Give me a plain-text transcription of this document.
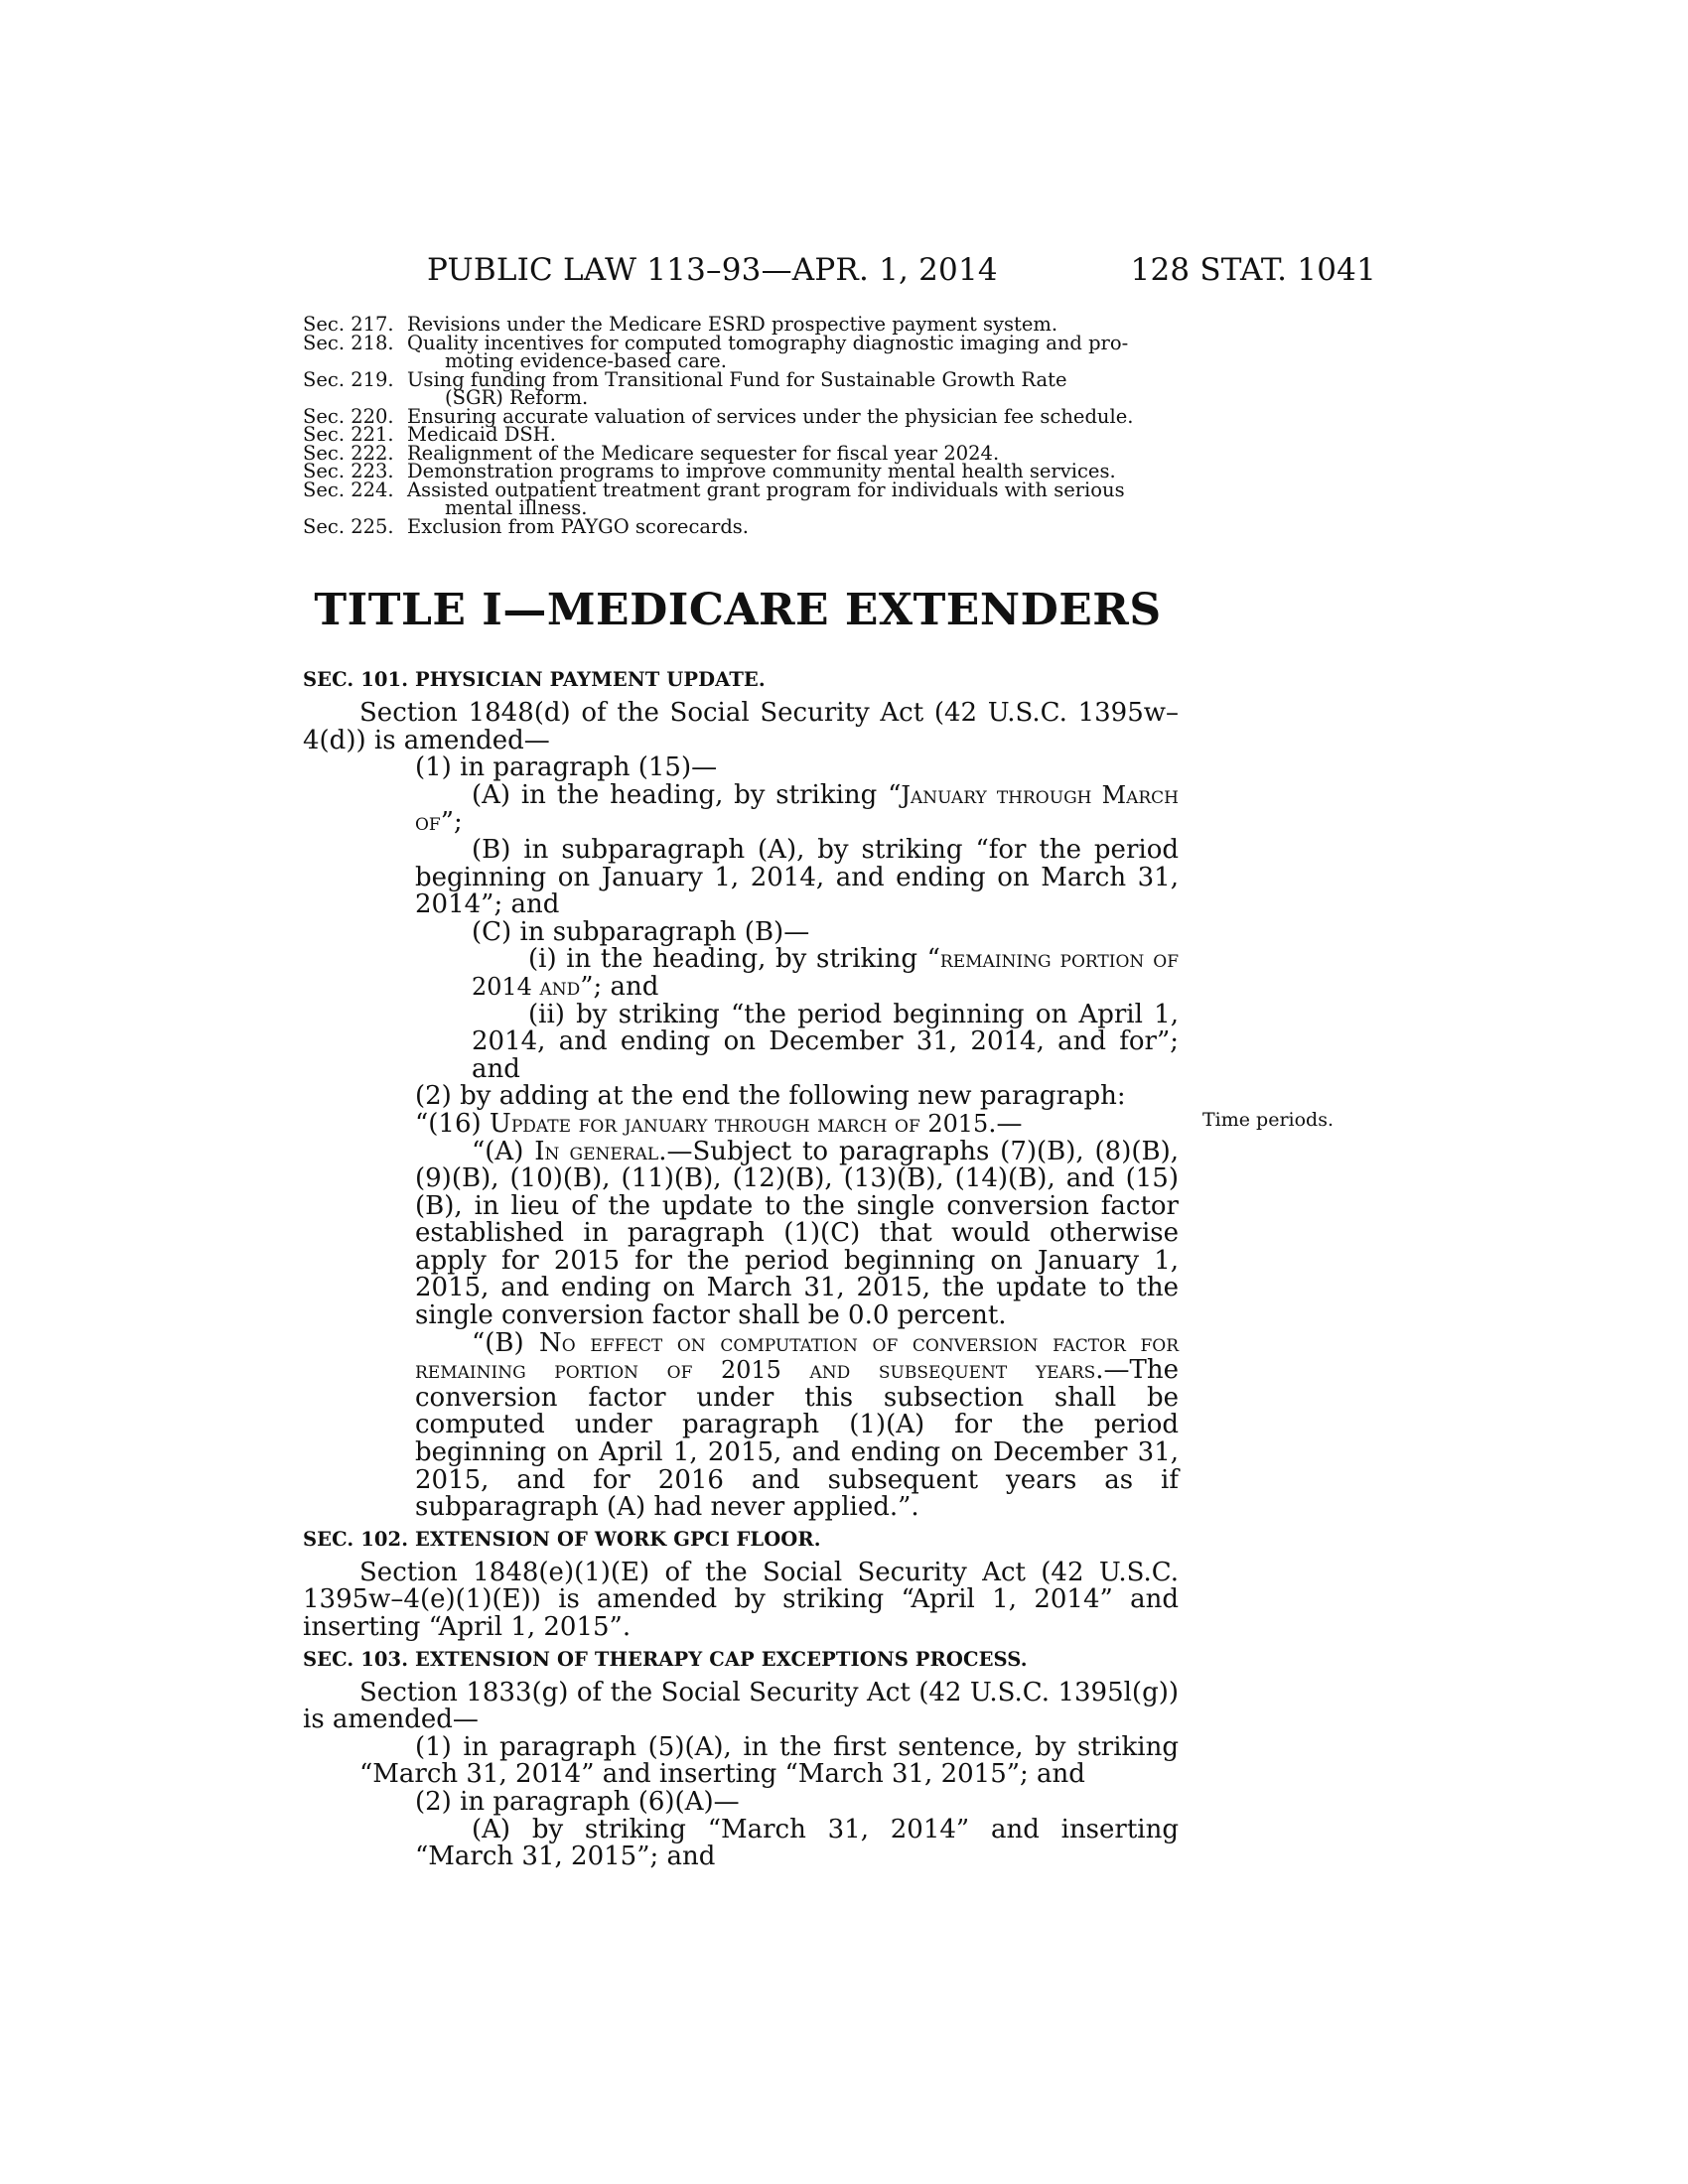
PUBLIC LAW 113–93—APR. 1, 2014	128 STAT. 1041
Sec. 217. Revisions under the Medicare ESRD prospective payment system.
Sec. 218. Quality incentives for computed tomography diagnostic imaging and pro-
moting evidence-based care.
Sec. 219. Using funding from Transitional Fund for Sustainable Growth Rate
(SGR) Reform.
Sec. 220. Ensuring accurate valuation of services under the physician fee schedule.
Sec. 221. Medicaid DSH.
Sec. 222. Realignment of the Medicare sequester for fiscal year 2024.
Sec. 223. Demonstration programs to improve community mental health services.
Sec. 224. Assisted outpatient treatment grant program for individuals with serious
mental illness.
Sec. 225. Exclusion from PAYGO scorecards.
TITLE I—MEDICARE EXTENDERS
SEC. 101. PHYSICIAN PAYMENT UPDATE.

Section 1848(d) of the Social Security Act (42 U.S.C. 1395w–4(d)) is amended—

(1) in paragraph (15)—

(A) in the heading, by striking “January through March of”;

(B) in subparagraph (A), by striking “for the period beginning on January 1, 2014, and ending on March 31, 2014”; and

(C) in subparagraph (B)—

(i) in the heading, by striking “remaining portion of 2014 and”; and

(ii) by striking “the period beginning on April 1, 2014, and ending on December 31, 2014, and for”; and

(2) by adding at the end the following new paragraph:

“(16) Update for january through march of 2015.—

“(A) In general.—Subject to paragraphs (7)(B), (8)(B), (9)(B), (10)(B), (11)(B), (12)(B), (13)(B), (14)(B), and (15)(B), in lieu of the update to the single conversion factor established in paragraph (1)(C) that would otherwise apply for 2015 for the period beginning on January 1, 2015, and ending on March 31, 2015, the update to the single conversion factor shall be 0.0 percent.

“(B) No effect on computation of conversion factor for remaining portion of 2015 and subsequent years.—The conversion factor under this subsection shall be computed under paragraph (1)(A) for the period beginning on April 1, 2015, and ending on December 31, 2015, and for 2016 and subsequent years as if subparagraph (A) had never applied.”.

SEC. 102. EXTENSION OF WORK GPCI FLOOR.

Section 1848(e)(1)(E) of the Social Security Act (42 U.S.C. 1395w–4(e)(1)(E)) is amended by striking “April 1, 2014” and inserting “April 1, 2015”.

SEC. 103. EXTENSION OF THERAPY CAP EXCEPTIONS PROCESS.

Section 1833(g) of the Social Security Act (42 U.S.C. 1395l(g)) is amended—

(1) in paragraph (5)(A), in the first sentence, by striking “March 31, 2014” and inserting “March 31, 2015”; and

(2) in paragraph (6)(A)—

(A) by striking “March 31, 2014” and inserting “March 31, 2015”; and

Time periods.
